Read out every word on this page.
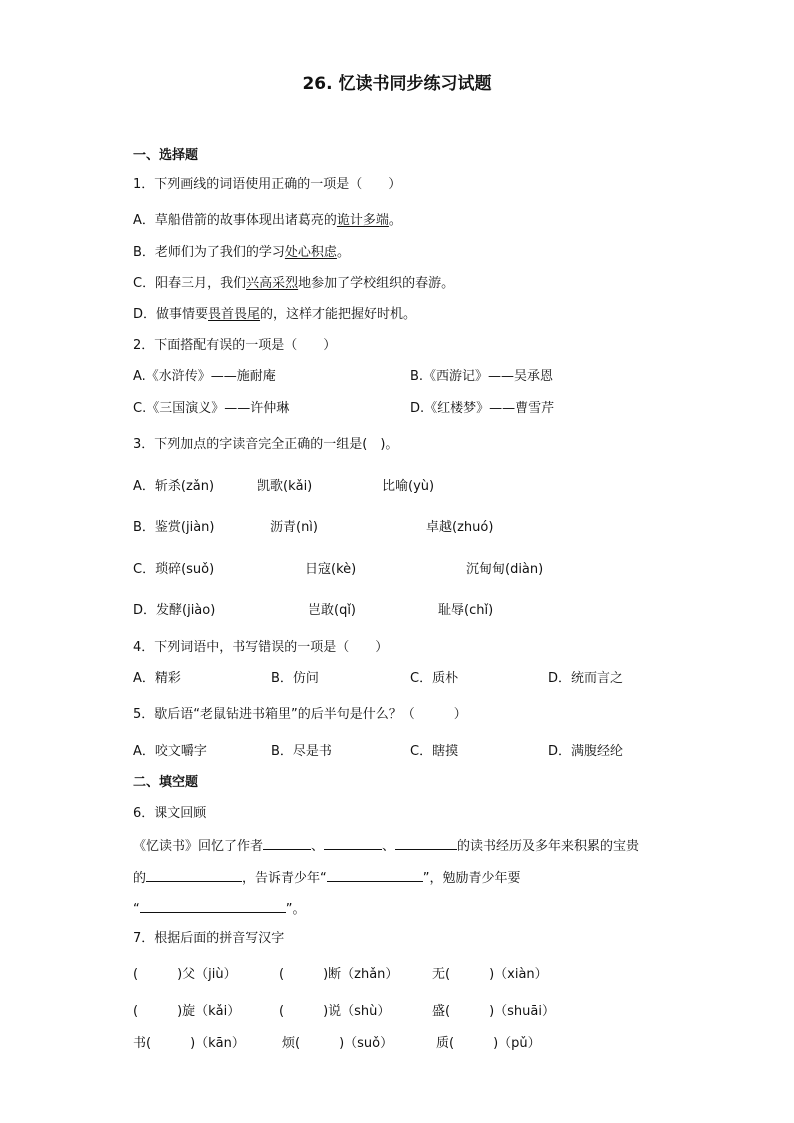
26. 忆读书同步练习试题
一、选择题
1．下列画线的词语使用正确的一项是（　　）
A．草船借箭的故事体现出诸葛亮的诡计多端。
B．老师们为了我们的学习处心积虑。
C．阳春三月，我们兴高采烈地参加了学校组织的春游。
D．做事情要畏首畏尾的，这样才能把握好时机。
2．下面搭配有误的一项是（　　）
A.《水浒传》——施耐庵	B.《西游记》——吴承恩
C.《三国演义》——许仲琳	D.《红楼梦》——曹雪芹
3．下列加点的字读音完全正确的一组是(　)。
A．斩杀(zǎn)	凯歌(kǎi)	比喻(yù)
B．鉴赏(jiàn)	沥青(nì)	卓越(zhuó)
C．琐碎(suǒ)	日寇(kè)	沉甸甸(diàn)
D．发酵(jiào)	岂敢(qǐ)	耻辱(chǐ)
4．下列词语中，书写错误的一项是（　　）
A．精彩	B．仿问	C．质朴	D．统而言之
5．歇后语“老鼠钻进书箱里”的后半句是什么？（　　　）
A．咬文嚼字	B．尽是书	C．瞎摸	D．满腹经纶
二、填空题
6．课文回顾
《忆读书》回忆了作者	、	、	的读书经历及多年来积累的宝贵
的	，告诉青少年“	”，勉励青少年要
“	”。
7．根据后面的拼音写汉字
(　　　)父（jiù）	(　　　)断（zhǎn）	无(　　　)（xiàn）
(　　　)旋（kǎi）	(　　　)说（shù）	盛(　　　)（shuāi）
书(　　　)（kān）	烦(　　　)（suǒ）	质(　　　)（pǔ）
